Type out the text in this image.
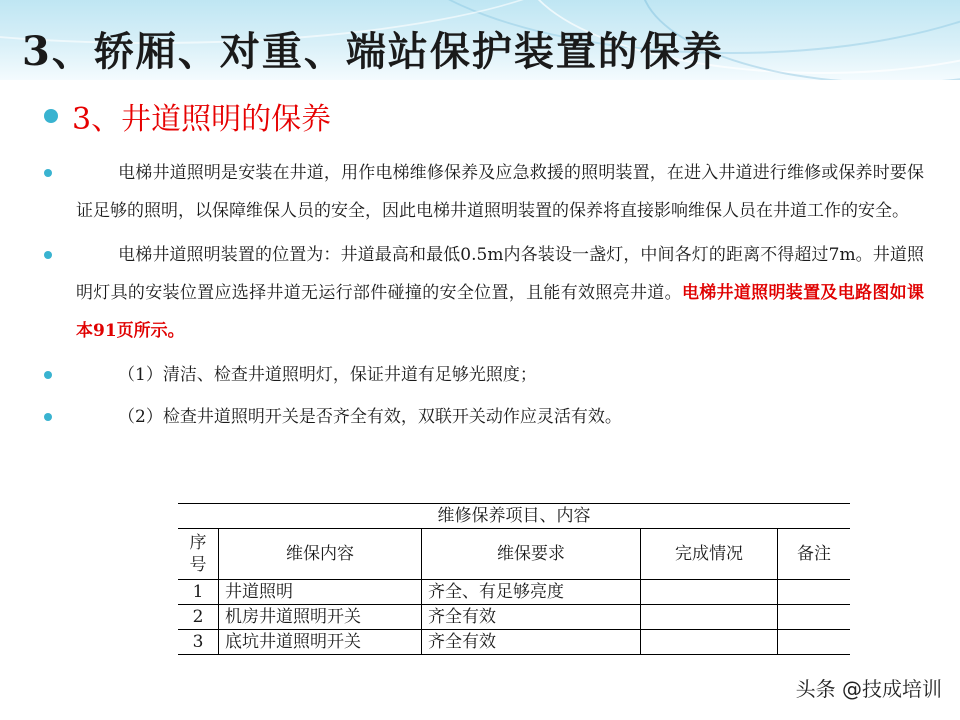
3、轿厢、对重、端站保护装置的保养
3、井道照明的保养
电梯井道照明是安装在井道，用作电梯维修保养及应急救援的照明装置，在进入井道进行维修或保养时要保证足够的照明，以保障维保人员的安全，因此电梯井道照明装置的保养将直接影响维保人员在井道工作的安全。
电梯井道照明装置的位置为：井道最高和最低0.5m内各装设一盏灯，中间各灯的距离不得超过7m。井道照明灯具的安装位置应选择井道无运行部件碰撞的安全位置，且能有效照亮井道。电梯井道照明装置及电路图如课本91页所示。
（1）清洁、检查井道照明灯，保证井道有足够光照度；
（2）检查井道照明开关是否齐全有效，双联开关动作应灵活有效。
维修保养项目、内容				
序号	维保内容	维保要求	完成情况	备注
1	井道照明	齐全、有足够亮度		
2	机房井道照明开关	齐全有效		
3	底坑井道照明开关	齐全有效		
头条 @技成培训
